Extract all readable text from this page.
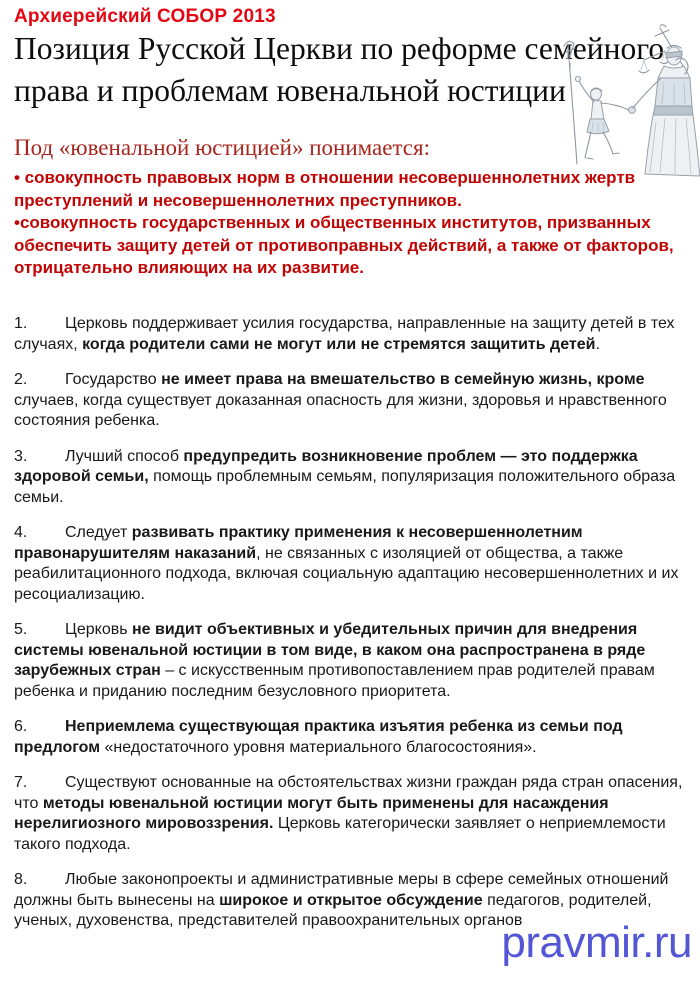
Архиерейский СОБОР 2013
Позиция Русской Церкви по реформе семейного
права и проблемам ювенальной юстиции
Под «ювенальной юстицией» понимается:
• совокупность правовых норм в отношении несовершеннолетних жертв преступлений и несовершеннолетних преступников.
•совокупность государственных и общественных институтов, призванных обеспечить защиту детей от противоправных действий, а также от факторов, отрицательно влияющих на их развитие.
1. Церковь поддерживает усилия государства, направленные на защиту детей в тех случаях, когда родители сами не могут или не стремятся защитить детей.
2. Государство не имеет права на вмешательство в семейную жизнь, кроме случаев, когда существует доказанная опасность для жизни, здоровья и нравственного состояния ребенка.
3. Лучший способ предупредить возникновение проблем — это поддержка здоровой семьи, помощь проблемным семьям, популяризация положительного образа семьи.
4. Следует развивать практику применения к несовершеннолетним правонарушителям наказаний, не связанных с изоляцией от общества, а также реабилитационного подхода, включая социальную адаптацию несовершеннолетних и их ресоциализацию.
5. Церковь не видит объективных и убедительных причин для внедрения системы ювенальной юстиции в том виде, в каком она распространена в ряде зарубежных стран – с искусственным противопоставлением прав родителей правам ребенка и приданию последним безусловного приоритета.
6. Неприемлема существующая практика изъятия ребенка из семьи под предлогом «недостаточного уровня материального благосостояния».
7. Существуют основанные на обстоятельствах жизни граждан ряда стран опасения, что методы ювенальной юстиции могут быть применены для насаждения нерелигиозного мировоззрения. Церковь категорически заявляет о неприемлемости такого подхода.
8. Любые законопроекты и административные меры в сфере семейных отношений должны быть вынесены на широкое и открытое обсуждение педагогов, родителей, ученых, духовенства, представителей правоохранительных органов
pravmir.ru
